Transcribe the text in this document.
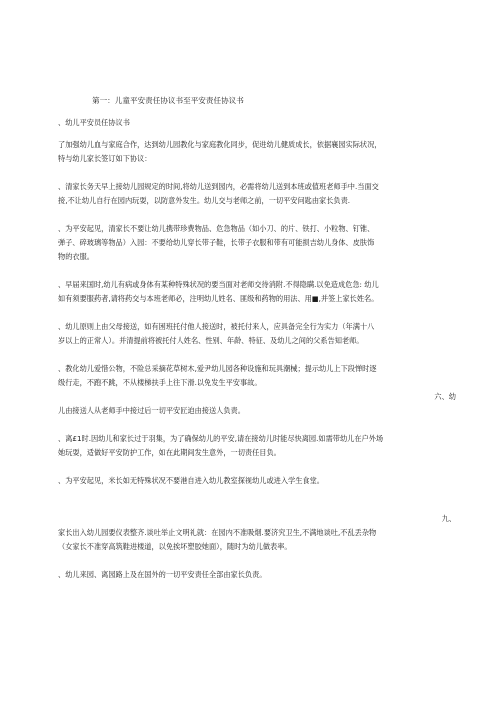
第一：儿童平安责任协议书至平安责任协议书
、幼儿平安员任协议书
了加强幼儿血与家庭合作，达到幼儿园教化与家庭教化同步，促进幼儿健质成长，依据襄园实际状况，
特与幼儿家长签订如下协议：
、清家长务天早上接幼儿园规定的时间,将幼儿送到园内，必需将幼儿送到本班或值班老师手中.当面交
接,不让幼儿自行在园内玩耍，以防意外发生。幼儿交与老师之前，一切平安问匙由家长负责.
、为平安起见，清家长不要让幼儿携带珍费物品、危急物品（如小刀、的片、铁打、小粒物、钉锥、
弹子、碎玻璃等物品）入园：不要给幼儿穿长带子鞋，长带子衣服和带有可能损吉幼儿身体、皮肤饰
物的衣服。
、早届来国时,幼儿有病或身体有某种特殊状况的要当面对老师交待消附.不得隐瞒.以免造成危急: 幼儿
如有须要服药者,请将药交与本班老师必，注明幼儿姓名、匪级和药物的用法、用■,并签上家长姓名。
、幼儿原则上由父母接送，如有困班托付他人接送时，被托付来人，应具备完全行为实力（年满十八
岁以上的正常人）。并清提前将被托付人姓名、性别、年龄、特征、及幼儿之间的父系告知老师。
、教化幼儿爱惜公物，不险总采摘花草树木,爱尹幼儿园各种设施和玩具潮械；提示幼儿上下段惮时逐
级行走，不跑不跳，不从楼梯扶手上往下滑.以免发生平安事故。
六、幼
儿由接送人从老师手中接过后一切平安匠迫由接送人负责。
、离£1时.因幼儿和家长过于羽集，为了确保幼儿的平安,请在接幼儿时能尽快离园.如需带幼儿在户外场
她玩耍，适做好平安防护工作，如在此期间发生意外，一切责任目负。
、为平安起见，米长如无特殊状况不要港自进入幼儿教室探视幼儿或进入学生食堂。
九、
家长出入幼儿园要仪表整齐.谈吐举止文明礼就：在园内不准吸烟.要济究卫生,不满地谈吐,不乱丢杂物
（女家长不准穿高筑鞋进楼道，以免挨坏塑胶她面），随时为幼儿做表率。
、幼儿来园、离园路上及在国外的一切平安责任全部由家长负责。
